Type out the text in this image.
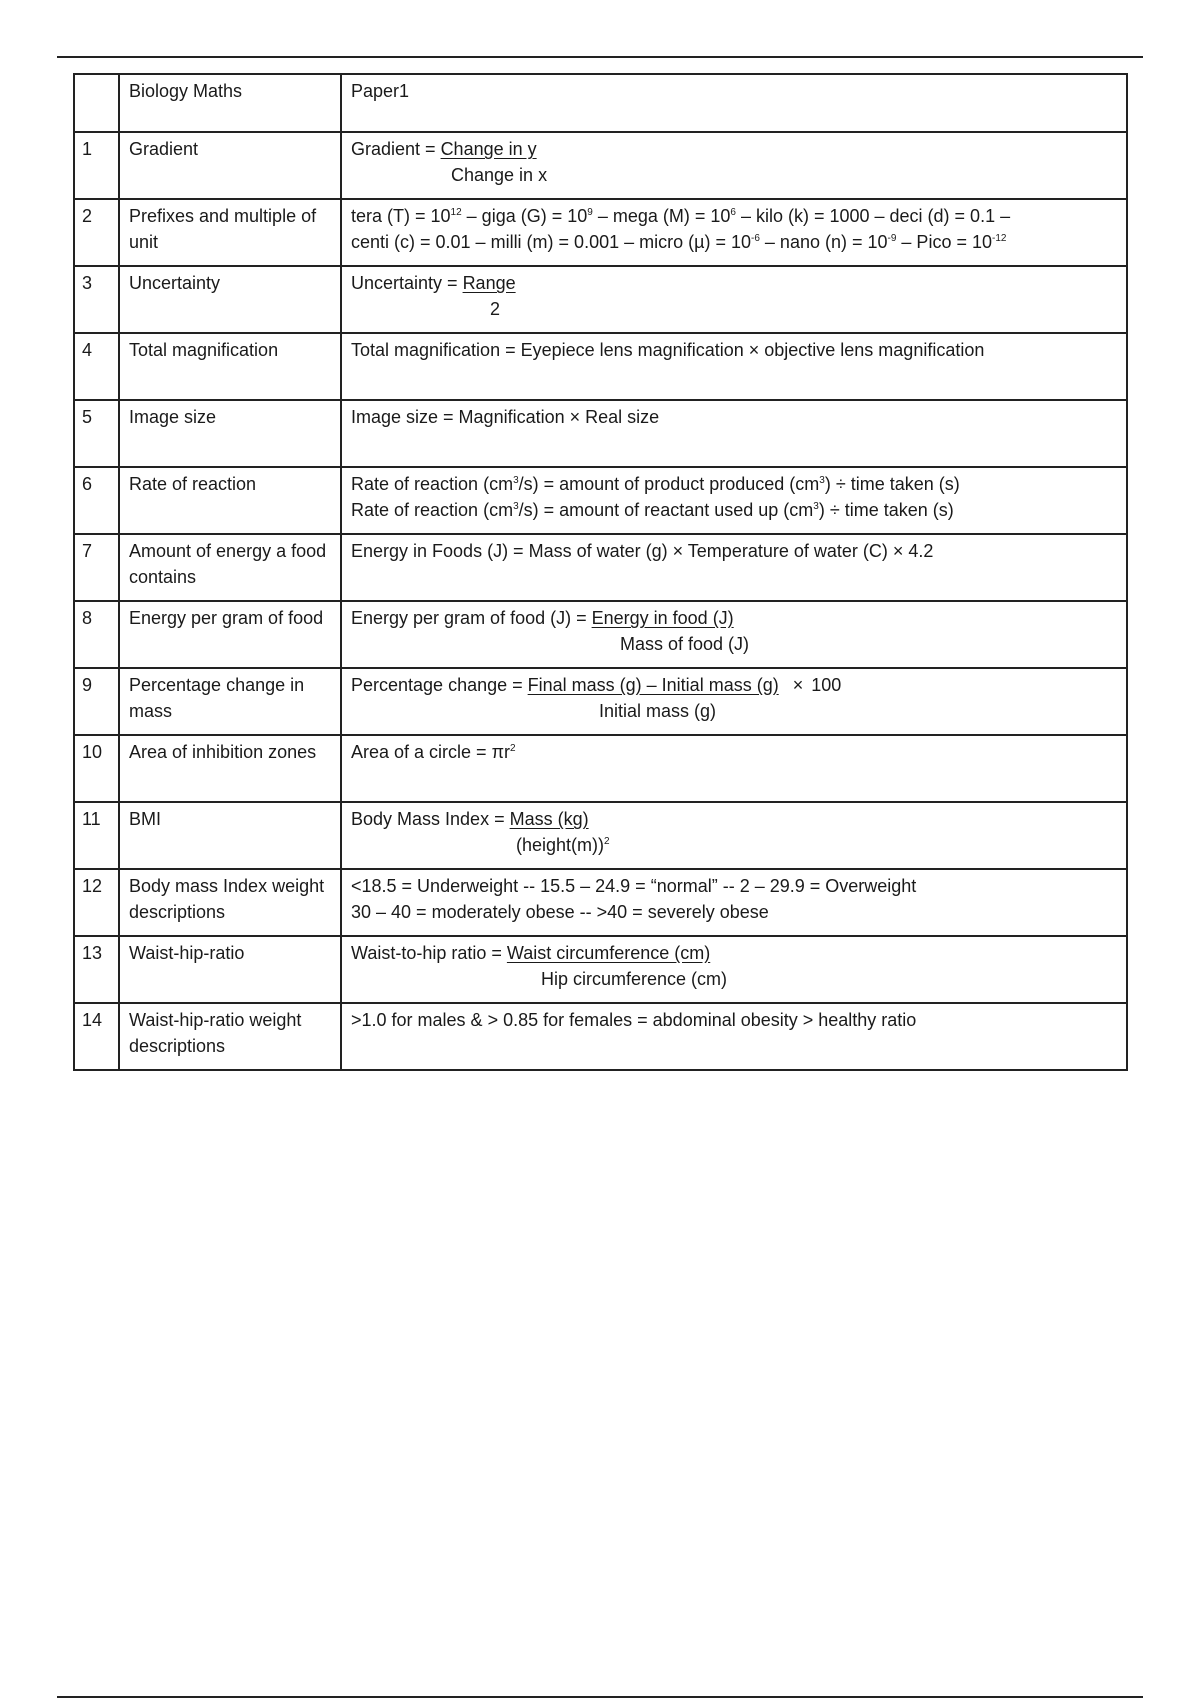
	Biology Maths	Paper1
1	Gradient	Gradient = Change in y
Change in x

2	Prefixes and multiple of unit	tera $(T) = 10^{12}$ – giga $(G) = 10^9$ – mega $(M) = 10^6$ – kilo (k) = 1000 – deci (d) = 0.1 –
centi (c) = 0.01 – milli (m) = 0.001 – micro $(\mu) = 10^{-6}$ – nano $(n) = 10^{-9}$ – Pico = $10^{-12}$

3	Uncertainty	Uncertainty = Range
2

4	Total magnification	Total magnification = Eyepiece lens magnification × objective lens magnification
5	Image size	Image size = Magnification × Real size
6	Rate of reaction	Rate of reaction $(cm^3/s)$ = amount of product produced $(cm^3)$ ÷ time taken (s)
Rate of reaction $(cm^3/s)$ = amount of reactant used up $(cm^3)$ ÷ time taken (s)

7	Amount of energy a food contains	Energy in Foods (J) = Mass of water (g) × Temperature of water (C) × 4.2
8	Energy per gram of food	Energy per gram of food (J) = Energy in food (J)
Mass of food (J)

9	Percentage change in mass	Percentage change = Final mass (g) – Initial mass (g) × 100
Initial mass (g)

10	Area of inhibition zones	Area of a circle = $\pi r^2$

11	BMI	Body Mass Index = Mass (kg)
(height(m))$^2$

12	Body mass Index weight descriptions	<18.5 = Underweight -- 15.5 – 24.9 = “normal” -- 2 – 29.9 = Overweight
30 – 40 = moderately obese -- >40 = severely obese

13	Waist-hip-ratio	Waist-to-hip ratio = Waist circumference (cm)
Hip circumference (cm)

14	Waist-hip-ratio weight descriptions	>1.0 for males & > 0.85 for females = abdominal obesity > healthy ratio
